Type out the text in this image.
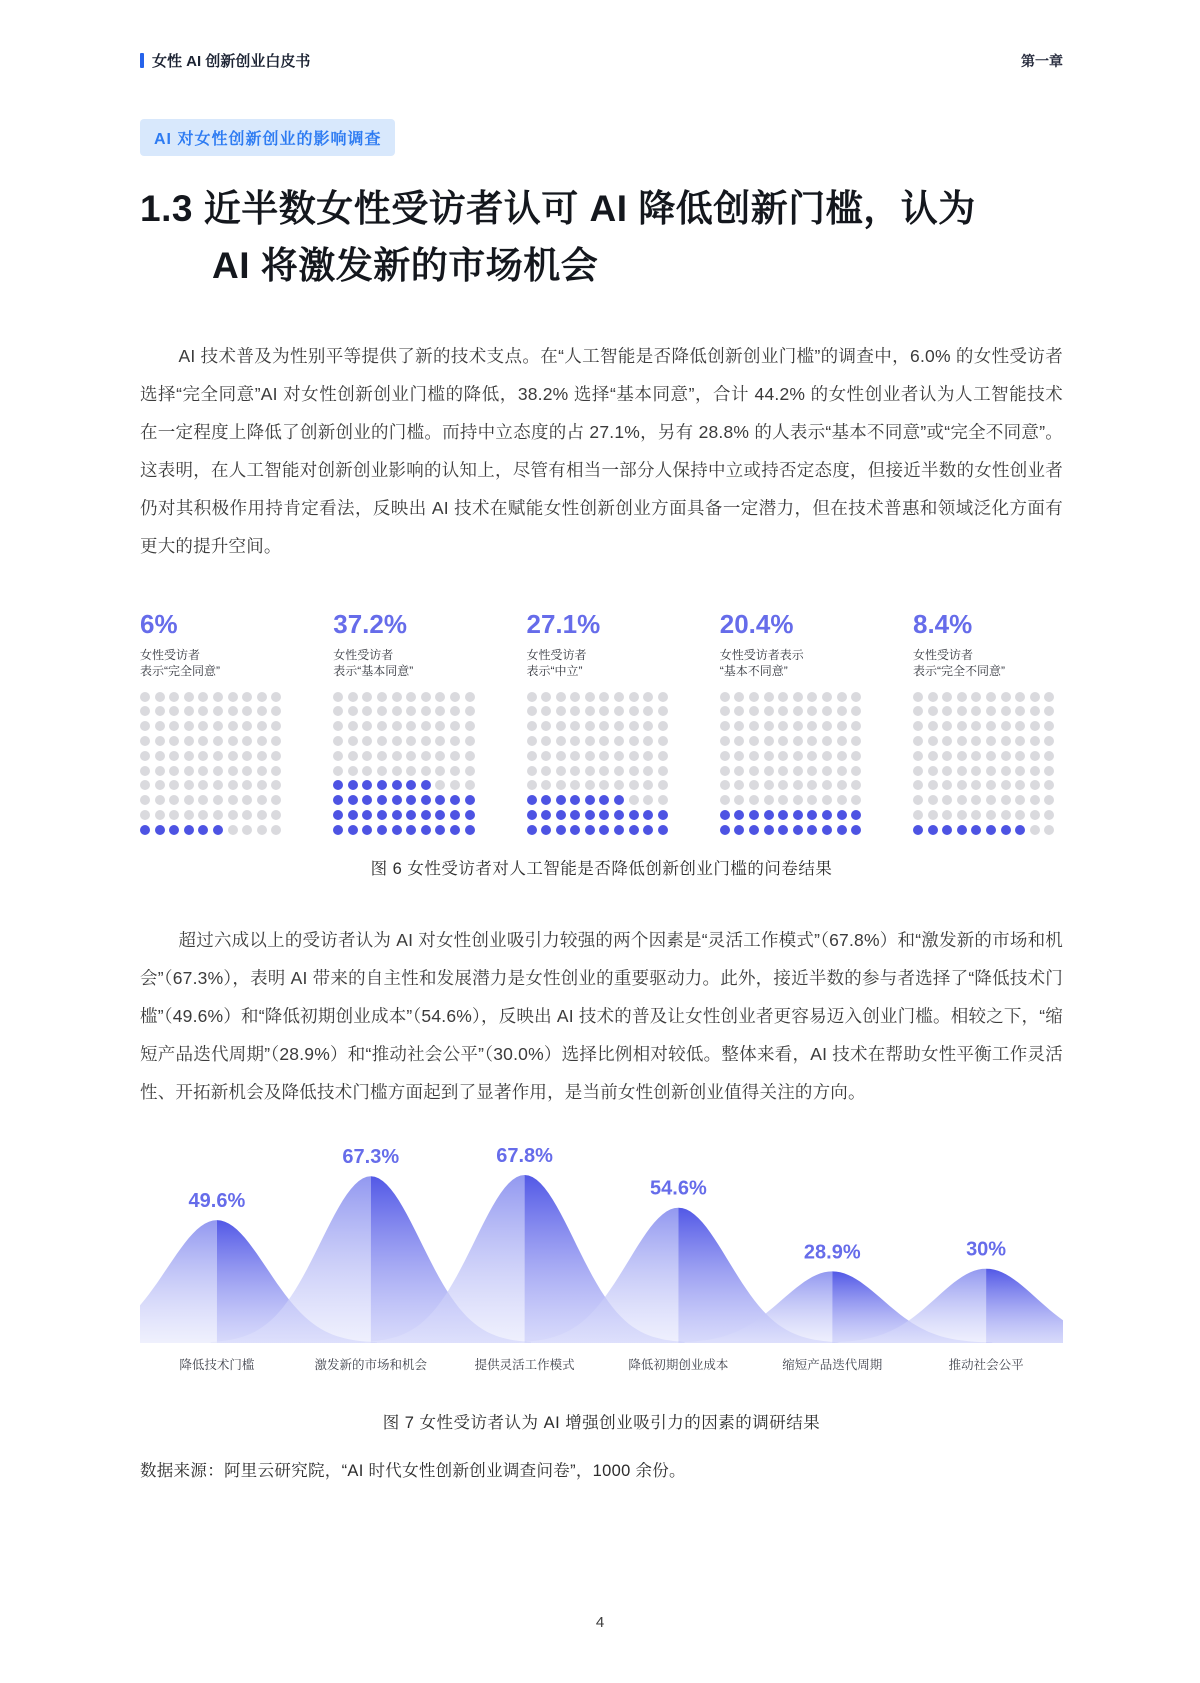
女性 AI 创新创业白皮书	第一章
AI 对女性创新创业的影响调查
1.3 近半数女性受访者认可 AI 降低创新门槛，认为
AI 将激发新的市场机会

AI 技术普及为性别平等提供了新的技术支点。在“人工智能是否降低创新创业门槛”的调查中，6.0% 的女性受访者选择“完全同意”AI 对女性创新创业门槛的降低，38.2% 选择“基本同意”，合计 44.2% 的女性创业者认为人工智能技术在一定程度上降低了创新创业的门槛。而持中立态度的占 27.1%，另有 28.8% 的人表示“基本不同意”或“完全不同意”。这表明，在人工智能对创新创业影响的认知上，尽管有相当一部分人保持中立或持否定态度，但接近半数的女性创业者仍对其积极作用持肯定看法，反映出 AI 技术在赋能女性创新创业方面具备一定潜力，但在技术普惠和领域泛化方面有更大的提升空间。

6%
女性受访者
表示“完全同意”
37.2%
女性受访者
表示“基本同意”
27.1%
女性受访者
表示“中立”
20.4%
女性受访者表示
“基本不同意”
8.4%
女性受访者
表示“完全不同意”
图 6 女性受访者对人工智能是否降低创新创业门槛的问卷结果

超过六成以上的受访者认为 AI 对女性创业吸引力较强的两个因素是“灵活工作模式”（67.8%）和“激发新的市场和机会”（67.3%），表明 AI 带来的自主性和发展潜力是女性创业的重要驱动力。此外，接近半数的参与者选择了“降低技术门槛”（49.6%）和“降低初期创业成本”（54.6%），反映出 AI 技术的普及让女性创业者更容易迈入创业门槛。相较之下，“缩短产品迭代周期”（28.9%）和“推动社会公平”（30.0%）选择比例相对较低。整体来看，AI 技术在帮助女性平衡工作灵活性、开拓新机会及降低技术门槛方面起到了显著作用，是当前女性创新创业值得关注的方向。

49.6%
降低技术门槛
67.3%
激发新的市场和机会
67.8%
提供灵活工作模式
54.6%
降低初期创业成本
28.9%
缩短产品迭代周期
30%
推动社会公平
图 7 女性受访者认为 AI 增强创业吸引力的因素的调研结果
数据来源：阿里云研究院，“AI 时代女性创新创业调查问卷”，1000 余份。
4
